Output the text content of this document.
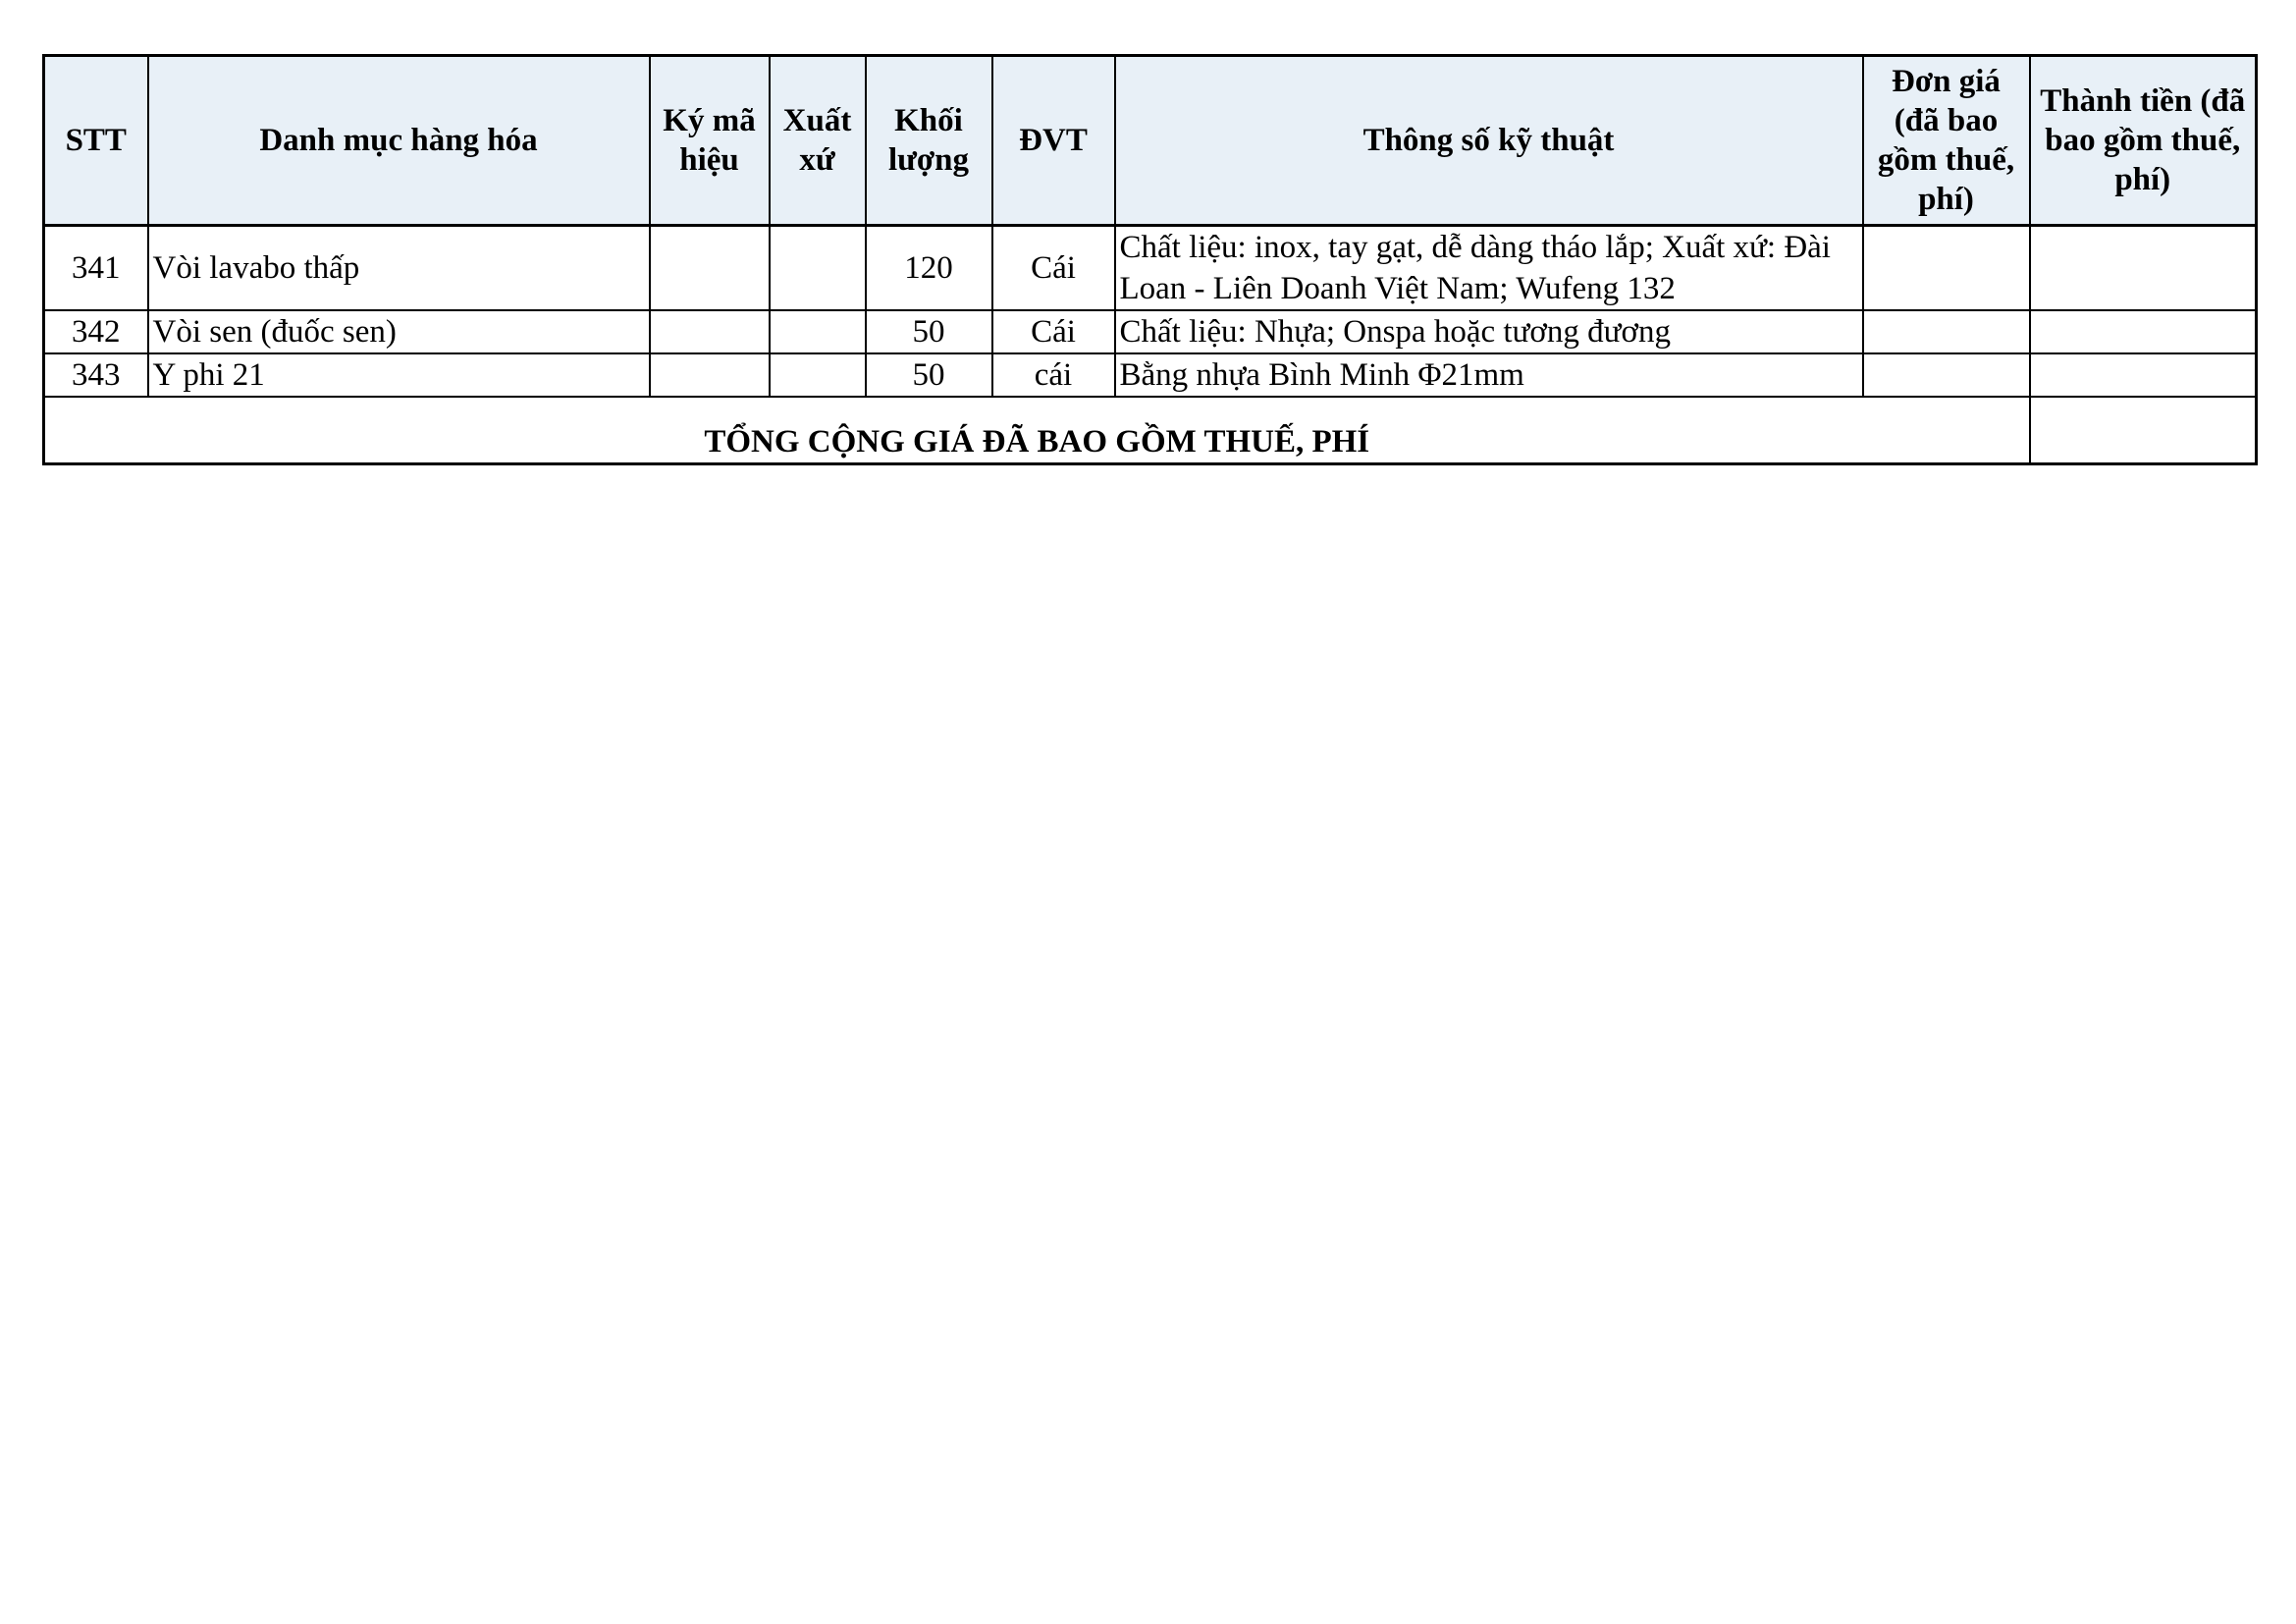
STT	Danh mục hàng hóa	Ký mã hiệu	Xuất xứ	Khối lượng	ĐVT	Thông số kỹ thuật	Đơn giá (đã bao gồm thuế, phí)	Thành tiền (đã bao gồm thuế, phí)
341	Vòi lavabo thấp			120	Cái	Chất liệu: inox, tay gạt, dễ dàng tháo lắp; Xuất xứ: Đài Loan - Liên Doanh Việt Nam; Wufeng 132		
342	Vòi sen (đuốc sen)			50	Cái	Chất liệu: Nhựa; Onspa hoặc tương đương		
343	Y phi 21			50	cái	Bằng nhựa Bình Minh Φ21mm		
TỔNG CỘNG GIÁ ĐÃ BAO GỒM THUẾ, PHÍ								
